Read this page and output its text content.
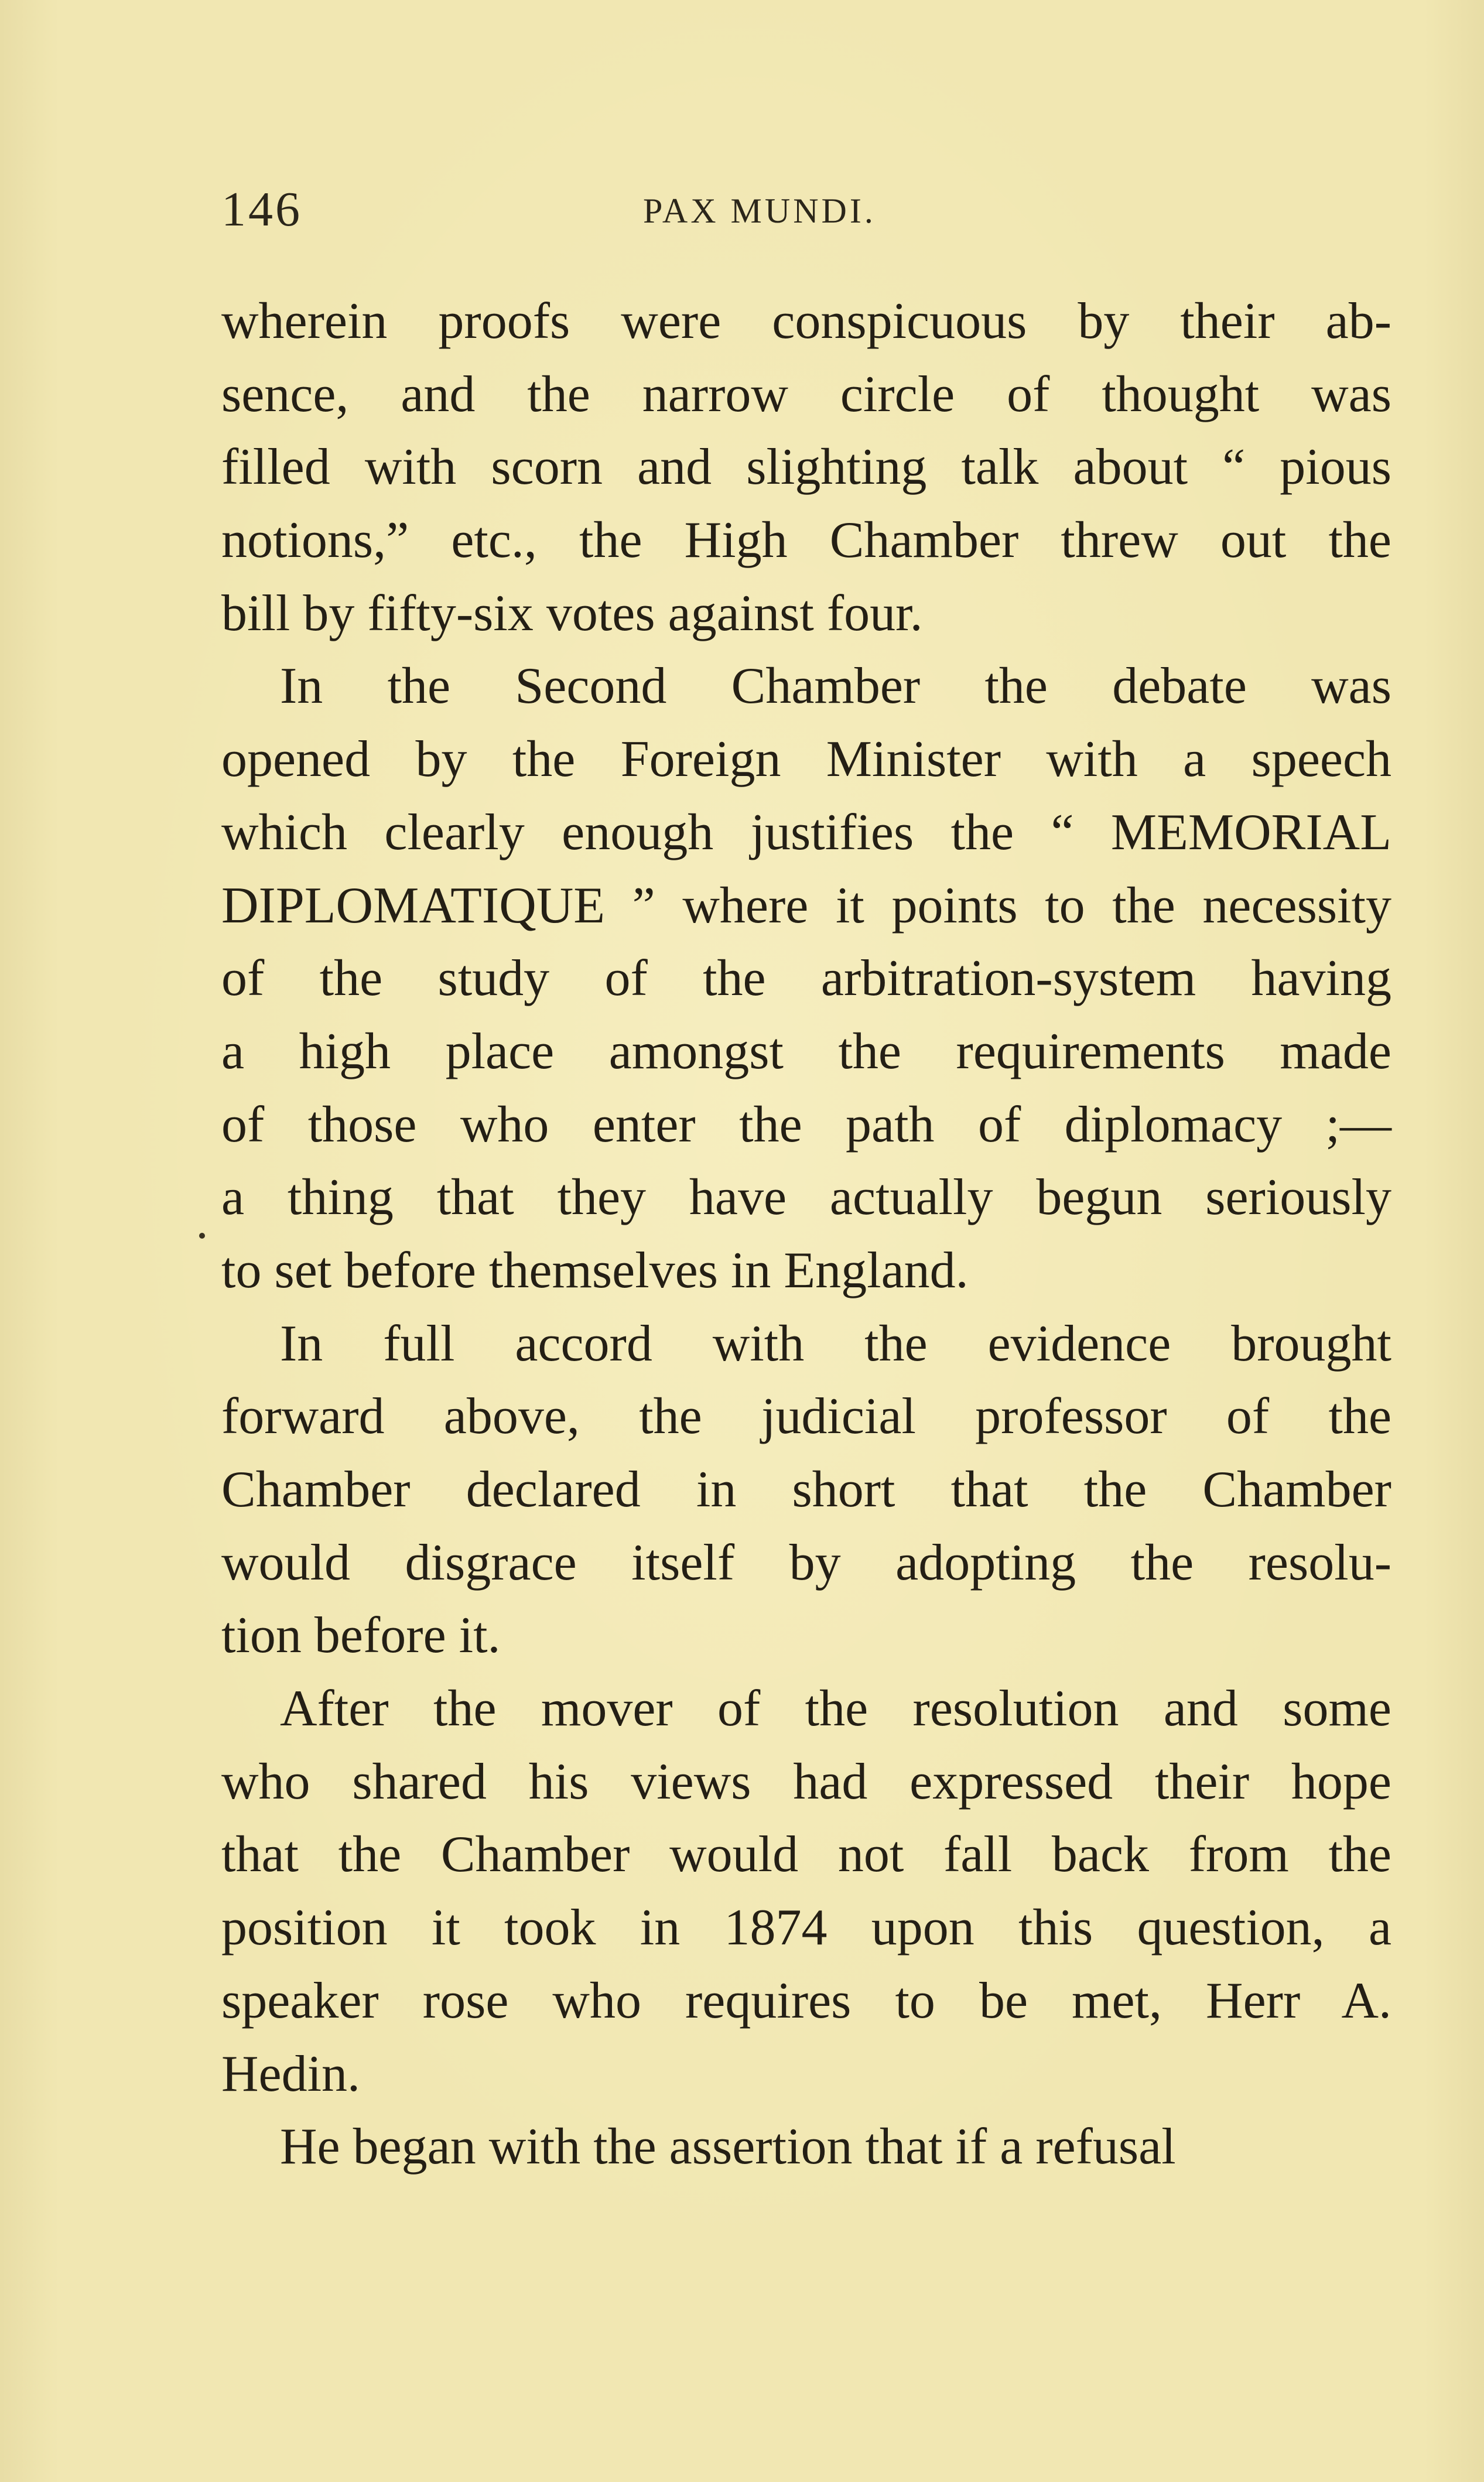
146	PAX MUNDI.
wherein proofs were conspicuous by their ab-
sence, and the narrow circle of thought was
filled with scorn and slighting talk about “ pious
notions,” etc., the High Chamber threw out the
bill by fifty-six votes against four.
In the Second Chamber the debate was
opened by the Foreign Minister with a speech
which clearly enough justifies the “ MEMORIAL
DIPLOMATIQUE ” where it points to the necessity
of the study of the arbitration-system having
a high place amongst the requirements made
of those who enter the path of diplomacy ;—
a thing that they have actually begun seriously
to set before themselves in England.
In full accord with the evidence brought
forward above, the judicial professor of the
Chamber declared in short that the Chamber
would disgrace itself by adopting the resolu-
tion before it.
After the mover of the resolution and some
who shared his views had expressed their hope
that the Chamber would not fall back from the
position it took in 1874 upon this question, a
speaker rose who requires to be met, Herr A.
Hedin.
He began with the assertion that if a refusal
